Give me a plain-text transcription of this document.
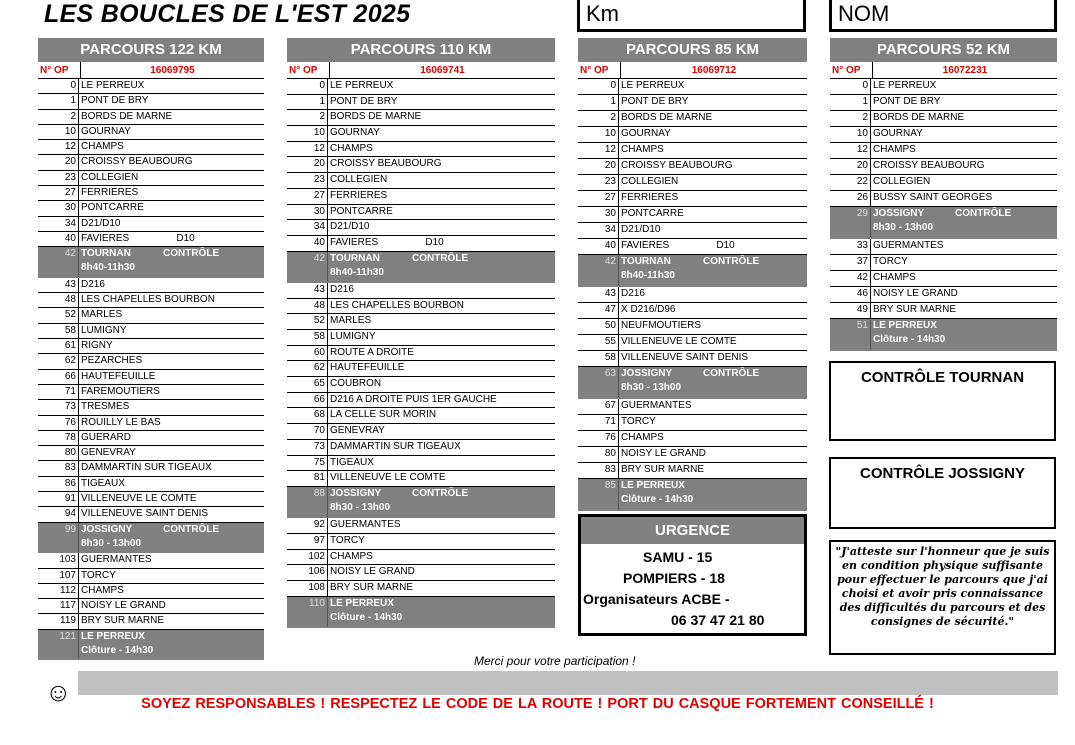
LES BOUCLES DE L'EST 2025	Km	NOM
PARCOURS 122 KM
N° OP	16069795
0 LE PERREUX
1 PONT DE BRY
2 BORDS DE MARNE
10 GOURNAY
12 CHAMPS
20 CROISSY BEAUBOURG
23 COLLEGIEN
27 FERRIERES
30 PONTCARRE
34 D21/D10
40 FAVIERES                 D10
42 TOURNAN	CONTRÔLE
8h40-11h30
43 D216
48 LES CHAPELLES BOURBON
52 MARLES
58 LUMIGNY
61 RIGNY
62 PEZARCHES
66 HAUTEFEUILLE
71 FAREMOUTIERS
73 TRESMES
76 ROUILLY LE BAS
78 GUERARD
80 GENEVRAY
83 DAMMARTIN SUR TIGEAUX
86 TIGEAUX
91 VILLENEUVE LE COMTE
94 VILLENEUVE SAINT DENIS
99 JOSSIGNY	CONTRÔLE
8h30 - 13h00
103 GUERMANTES
107 TORCY
112 CHAMPS
117 NOISY LE GRAND
119 BRY SUR MARNE
121 LE PERREUX
Clôture - 14h30
PARCOURS 110 KM
N° OP	16069741
0 LE PERREUX
1 PONT DE BRY
2 BORDS DE MARNE
10 GOURNAY
12 CHAMPS
20 CROISSY BEAUBOURG
23 COLLEGIEN
27 FERRIERES
30 PONTCARRE
34 D21/D10
40 FAVIERES                 D10
42 TOURNAN	CONTRÔLE
8h40-11h30
43 D216
48 LES CHAPELLES BOURBON
52 MARLES
58 LUMIGNY
60 ROUTE A DROITE
62 HAUTEFEUILLE
65 COUBRON
66 D216 A DROITE PUIS 1ER GAUCHE
68 LA CELLE SUR MORIN
70 GENEVRAY
73 DAMMARTIN SUR TIGEAUX
75 TIGEAUX
81 VILLENEUVE LE COMTE
88 JOSSIGNY	CONTRÔLE
8h30 - 13h00
92 GUERMANTES
97 TORCY
102 CHAMPS
106 NOISY LE GRAND
108 BRY SUR MARNE
110 LE PERREUX
Clôture - 14h30
PARCOURS 85 KM
N° OP	16069712
0 LE PERREUX
1 PONT DE BRY
2 BORDS DE MARNE
10 GOURNAY
12 CHAMPS
20 CROISSY BEAUBOURG
23 COLLEGIEN
27 FERRIERES
30 PONTCARRE
34 D21/D10
40 FAVIERES                 D10
42 TOURNAN	CONTRÔLE
8h40-11h30
43 D216
47 X D216/D96
50 NEUFMOUTIERS
55 VILLENEUVE LE COMTE
58 VILLENEUVE SAINT DENIS
63 JOSSIGNY	CONTRÔLE
8h30 - 13h00
67 GUERMANTES
71 TORCY
76 CHAMPS
80 NOISY LE GRAND
83 BRY SUR MARNE
85 LE PERREUX
Clôture - 14h30
PARCOURS 52 KM
N° OP	16072231
0 LE PERREUX
1 PONT DE BRY
2 BORDS DE MARNE
10 GOURNAY
12 CHAMPS
20 CROISSY BEAUBOURG
22 COLLEGIEN
26 BUSSY SAINT GEORGES
29 JOSSIGNY	CONTRÔLE
8h30 - 13h00
33 GUERMANTES
37 TORCY
42 CHAMPS
46 NOISY LE GRAND
49 BRY SUR MARNE
51 LE PERREUX
Clôture - 14h30
URGENCE
SAMU - 15
POMPIERS - 18
Organisateurs ACBE -
06 37 47 21 80
CONTRÔLE TOURNAN
CONTRÔLE JOSSIGNY
"J'atteste sur l'honneur que je suis en condition physique suffisante pour effectuer le parcours que j'ai choisi et avoir pris connaissance des difficultés du parcours et des consignes de sécurité."
Merci pour votre participation !
☺	SOYEZ RESPONSABLES ! RESPECTEZ LE CODE DE LA ROUTE ! PORT DU CASQUE FORTEMENT CONSEILLÉ !
